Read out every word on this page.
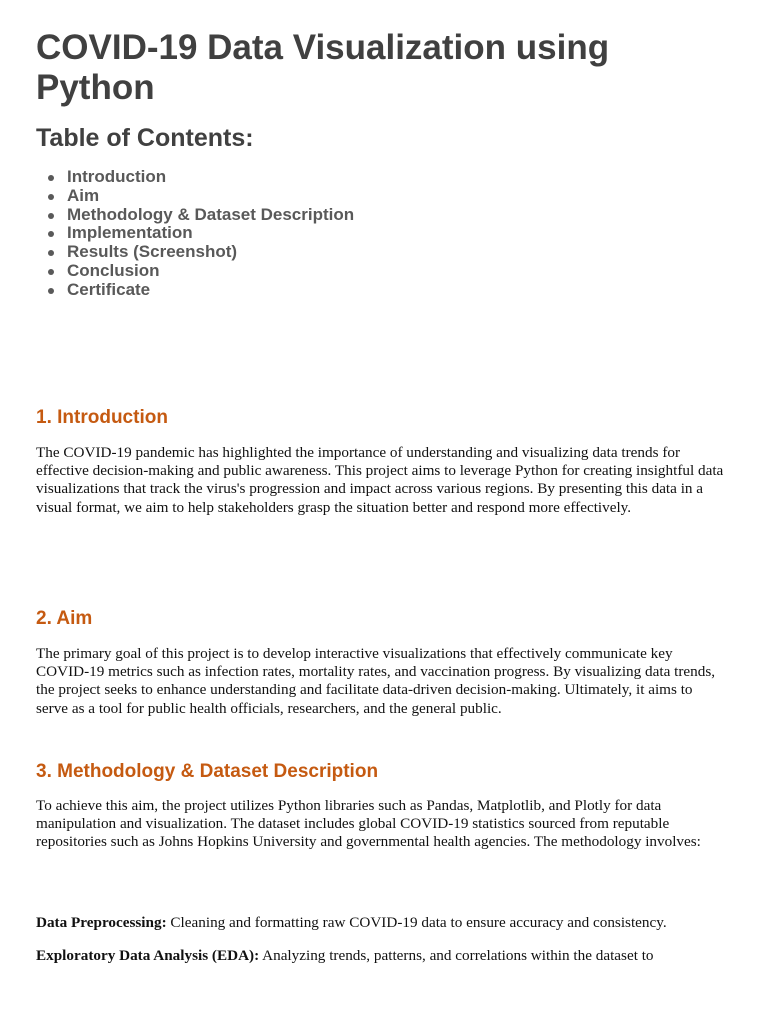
COVID-19 Data Visualization using Python
Table of Contents:
Introduction
Aim
Methodology & Dataset Description
Implementation
Results (Screenshot)
Conclusion
Certificate
1. Introduction

The COVID-19 pandemic has highlighted the importance of understanding and visualizing data trends for effective decision-making and public awareness. This project aims to leverage Python for creating insightful data visualizations that track the virus's progression and impact across various regions. By presenting this data in a visual format, we aim to help stakeholders grasp the situation better and respond more effectively.

2. Aim

The primary goal of this project is to develop interactive visualizations that effectively communicate key COVID-19 metrics such as infection rates, mortality rates, and vaccination progress. By visualizing data trends, the project seeks to enhance understanding and facilitate data-driven decision-making. Ultimately, it aims to serve as a tool for public health officials, researchers, and the general public.

3. Methodology & Dataset Description

To achieve this aim, the project utilizes Python libraries such as Pandas, Matplotlib, and Plotly for data manipulation and visualization. The dataset includes global COVID-19 statistics sourced from reputable repositories such as Johns Hopkins University and governmental health agencies. The methodology involves:

Data Preprocessing: Cleaning and formatting raw COVID-19 data to ensure accuracy and consistency.

Exploratory Data Analysis (EDA): Analyzing trends, patterns, and correlations within the dataset to
